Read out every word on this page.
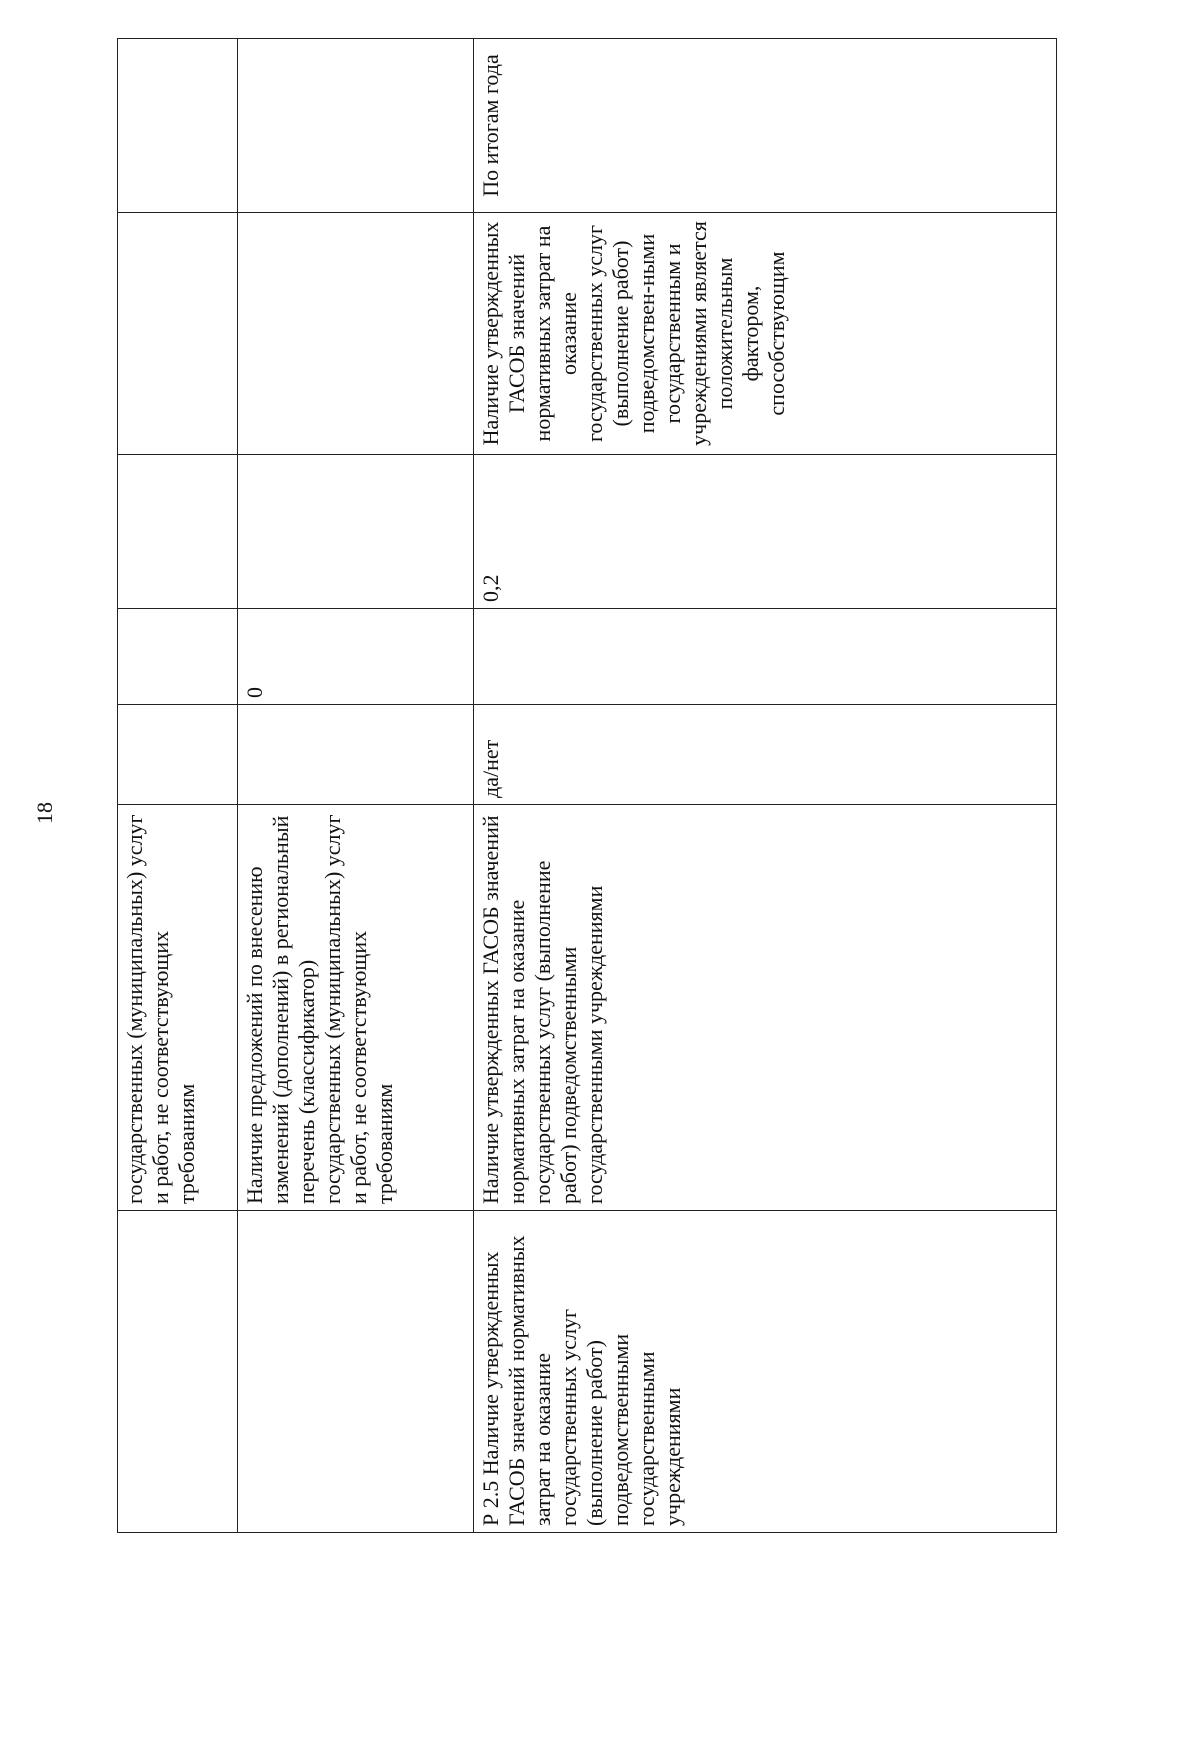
18
	государственных (муниципальных) услуг и работ, не соответствующих требованиям					
	Наличие предложений по внесению изменений (дополнений) в региональный перечень (классификатор) государственных (муниципальных) услуг и работ, не соответствующих требованиям		0			
Р 2.5 Наличие утвержденных ГАСОБ значений нормативных затрат на оказание государственных услуг (выполнение работ) подведомственными государственными учреждениями	Наличие утвержденных ГАСОБ значений нормативных затрат на оказание государственных услуг (выполнение работ) подведомственными государственными учреждениями	да/нет		0,2	Наличие утвержденных ГАСОБ значений нормативных затрат на оказание государственных услуг (выполнение работ) подведомствен-ными государственным и учреждениями является положительным фактором, способствующим	По итогам года
